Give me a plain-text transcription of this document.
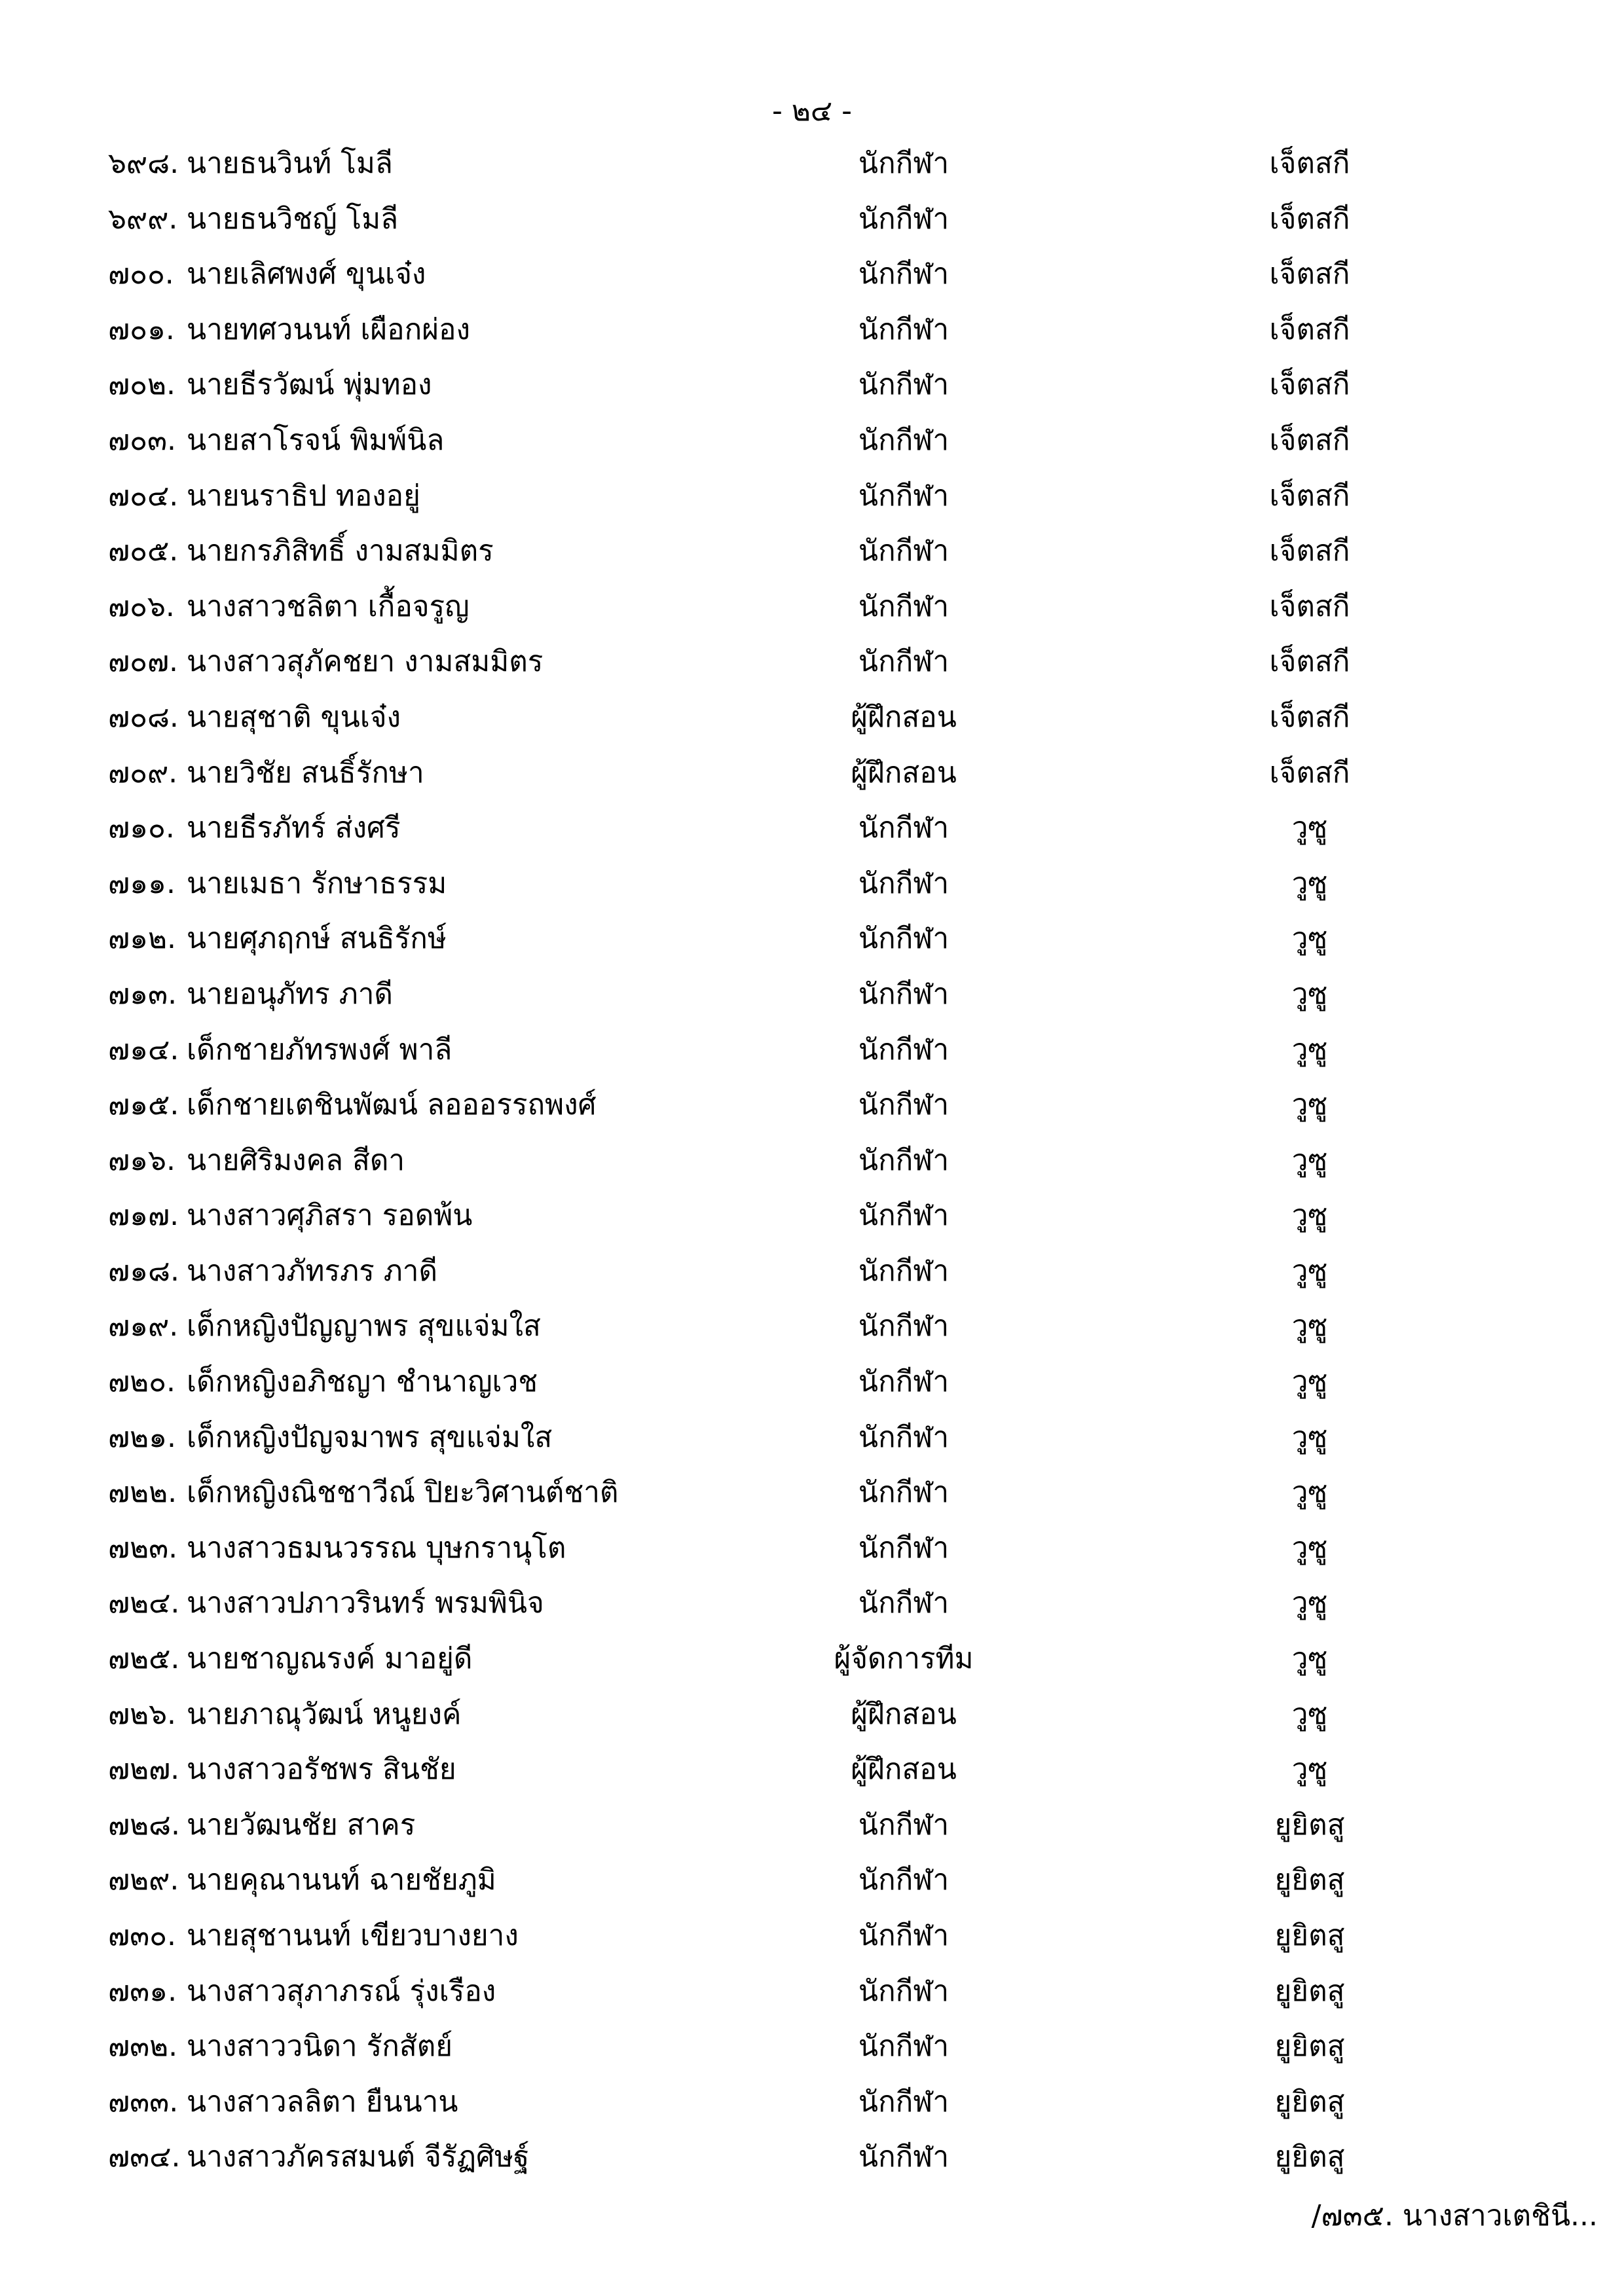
- ๒๔ -
๖๙๘. นายธนวินท์ โมลี	นักกีฬา	เจ็ตสกี
๖๙๙. นายธนวิชญ์ โมลี	นักกีฬา	เจ็ตสกี
๗๐๐. นายเลิศพงศ์ ขุนเจ๋ง	นักกีฬา	เจ็ตสกี
๗๐๑. นายทศวนนท์ เผือกผ่อง	นักกีฬา	เจ็ตสกี
๗๐๒. นายธีรวัฒน์ พุ่มทอง	นักกีฬา	เจ็ตสกี
๗๐๓. นายสาโรจน์ พิมพ์นิล	นักกีฬา	เจ็ตสกี
๗๐๔. นายนราธิป ทองอยู่	นักกีฬา	เจ็ตสกี
๗๐๕. นายกรภิสิทธิ์ งามสมมิตร	นักกีฬา	เจ็ตสกี
๗๐๖. นางสาวชลิตา เกื้อจรูญ	นักกีฬา	เจ็ตสกี
๗๐๗. นางสาวสุภัคชยา งามสมมิตร	นักกีฬา	เจ็ตสกี
๗๐๘. นายสุชาติ ขุนเจ๋ง	ผู้ฝึกสอน	เจ็ตสกี
๗๐๙. นายวิชัย สนธิ์รักษา	ผู้ฝึกสอน	เจ็ตสกี
๗๑๐. นายธีรภัทร์ ส่งศรี	นักกีฬา	วูซู
๗๑๑. นายเมธา รักษาธรรม	นักกีฬา	วูซู
๗๑๒. นายศุภฤกษ์ สนธิรักษ์	นักกีฬา	วูซู
๗๑๓. นายอนุภัทร ภาดี	นักกีฬา	วูซู
๗๑๔. เด็กชายภัทรพงศ์ พาลี	นักกีฬา	วูซู
๗๑๕. เด็กชายเตชินพัฒน์ ลอออรรถพงศ์	นักกีฬา	วูซู
๗๑๖. นายศิริมงคล สีดา	นักกีฬา	วูซู
๗๑๗. นางสาวศุภิสรา รอดพ้น	นักกีฬา	วูซู
๗๑๘. นางสาวภัทรภร ภาดี	นักกีฬา	วูซู
๗๑๙. เด็กหญิงปัญญาพร สุขแจ่มใส	นักกีฬา	วูซู
๗๒๐. เด็กหญิงอภิชญา ชำนาญเวช	นักกีฬา	วูซู
๗๒๑. เด็กหญิงปัญจมาพร สุขแจ่มใส	นักกีฬา	วูซู
๗๒๒. เด็กหญิงณิชชาวีณ์ ปิยะวิศานต์ชาติ	นักกีฬา	วูซู
๗๒๓. นางสาวธมนวรรณ บุษกรานุโต	นักกีฬา	วูซู
๗๒๔. นางสาวปภาวรินทร์ พรมพินิจ	นักกีฬา	วูซู
๗๒๕. นายชาญณรงค์ มาอยู่ดี	ผู้จัดการทีม	วูซู
๗๒๖. นายภาณุวัฒน์ หนูยงค์	ผู้ฝึกสอน	วูซู
๗๒๗. นางสาวอรัชพร สินชัย	ผู้ฝึกสอน	วูซู
๗๒๘. นายวัฒนชัย สาคร	นักกีฬา	ยูยิตสู
๗๒๙. นายคุณานนท์ ฉายชัยภูมิ	นักกีฬา	ยูยิตสู
๗๓๐. นายสุชานนท์ เขียวบางยาง	นักกีฬา	ยูยิตสู
๗๓๑. นางสาวสุภาภรณ์ รุ่งเรือง	นักกีฬา	ยูยิตสู
๗๓๒. นางสาววนิดา รักสัตย์	นักกีฬา	ยูยิตสู
๗๓๓. นางสาวลลิตา ยืนนาน	นักกีฬา	ยูยิตสู
๗๓๔. นางสาวภัครสมนต์ จีรัฏศิษฐ์	นักกีฬา	ยูยิตสู
/๗๓๕. นางสาวเตชินี...
